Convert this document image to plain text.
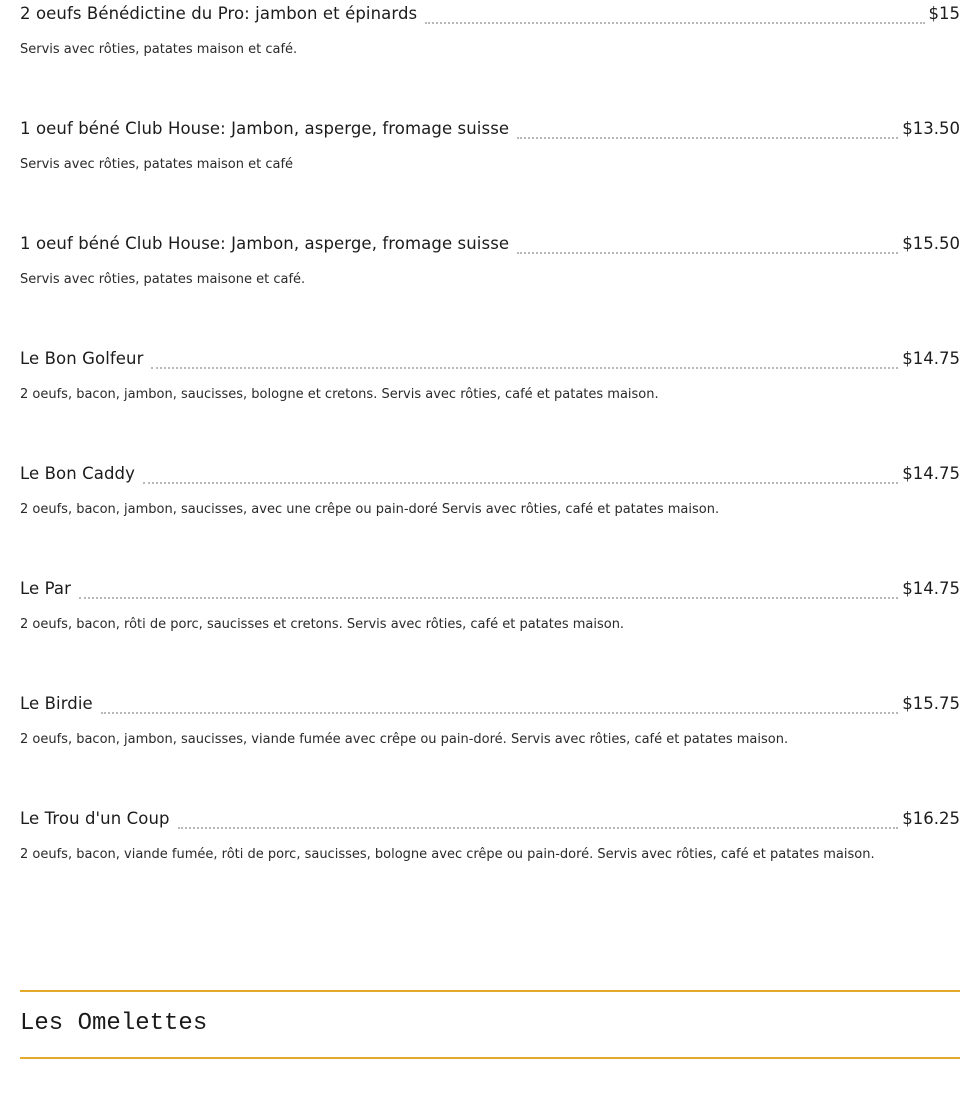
2 oeufs Bénédictine du Pro: jambon et épinards	$15
Servis avec rôties, patates maison et café.
1 oeuf béné Club House: Jambon, asperge, fromage suisse	$13.50
Servis avec rôties, patates maison et café
1 oeuf béné Club House: Jambon, asperge, fromage suisse	$15.50
Servis avec rôties, patates maisone et café.
Le Bon Golfeur	$14.75
2 oeufs, bacon, jambon, saucisses, bologne et cretons. Servis avec rôties, café et patates maison.
Le Bon Caddy	$14.75
2 oeufs, bacon, jambon, saucisses, avec une crêpe ou pain-doré Servis avec rôties, café et patates maison.
Le Par	$14.75
2 oeufs, bacon, rôti de porc, saucisses et cretons. Servis avec rôties, café et patates maison.
Le Birdie	$15.75
2 oeufs, bacon, jambon, saucisses, viande fumée avec crêpe ou pain-doré. Servis avec rôties, café et patates maison.
Le Trou d'un Coup	$16.25
2 oeufs, bacon, viande fumée, rôti de porc, saucisses, bologne avec crêpe ou pain-doré. Servis avec rôties, café et patates maison.
Les Omelettes
